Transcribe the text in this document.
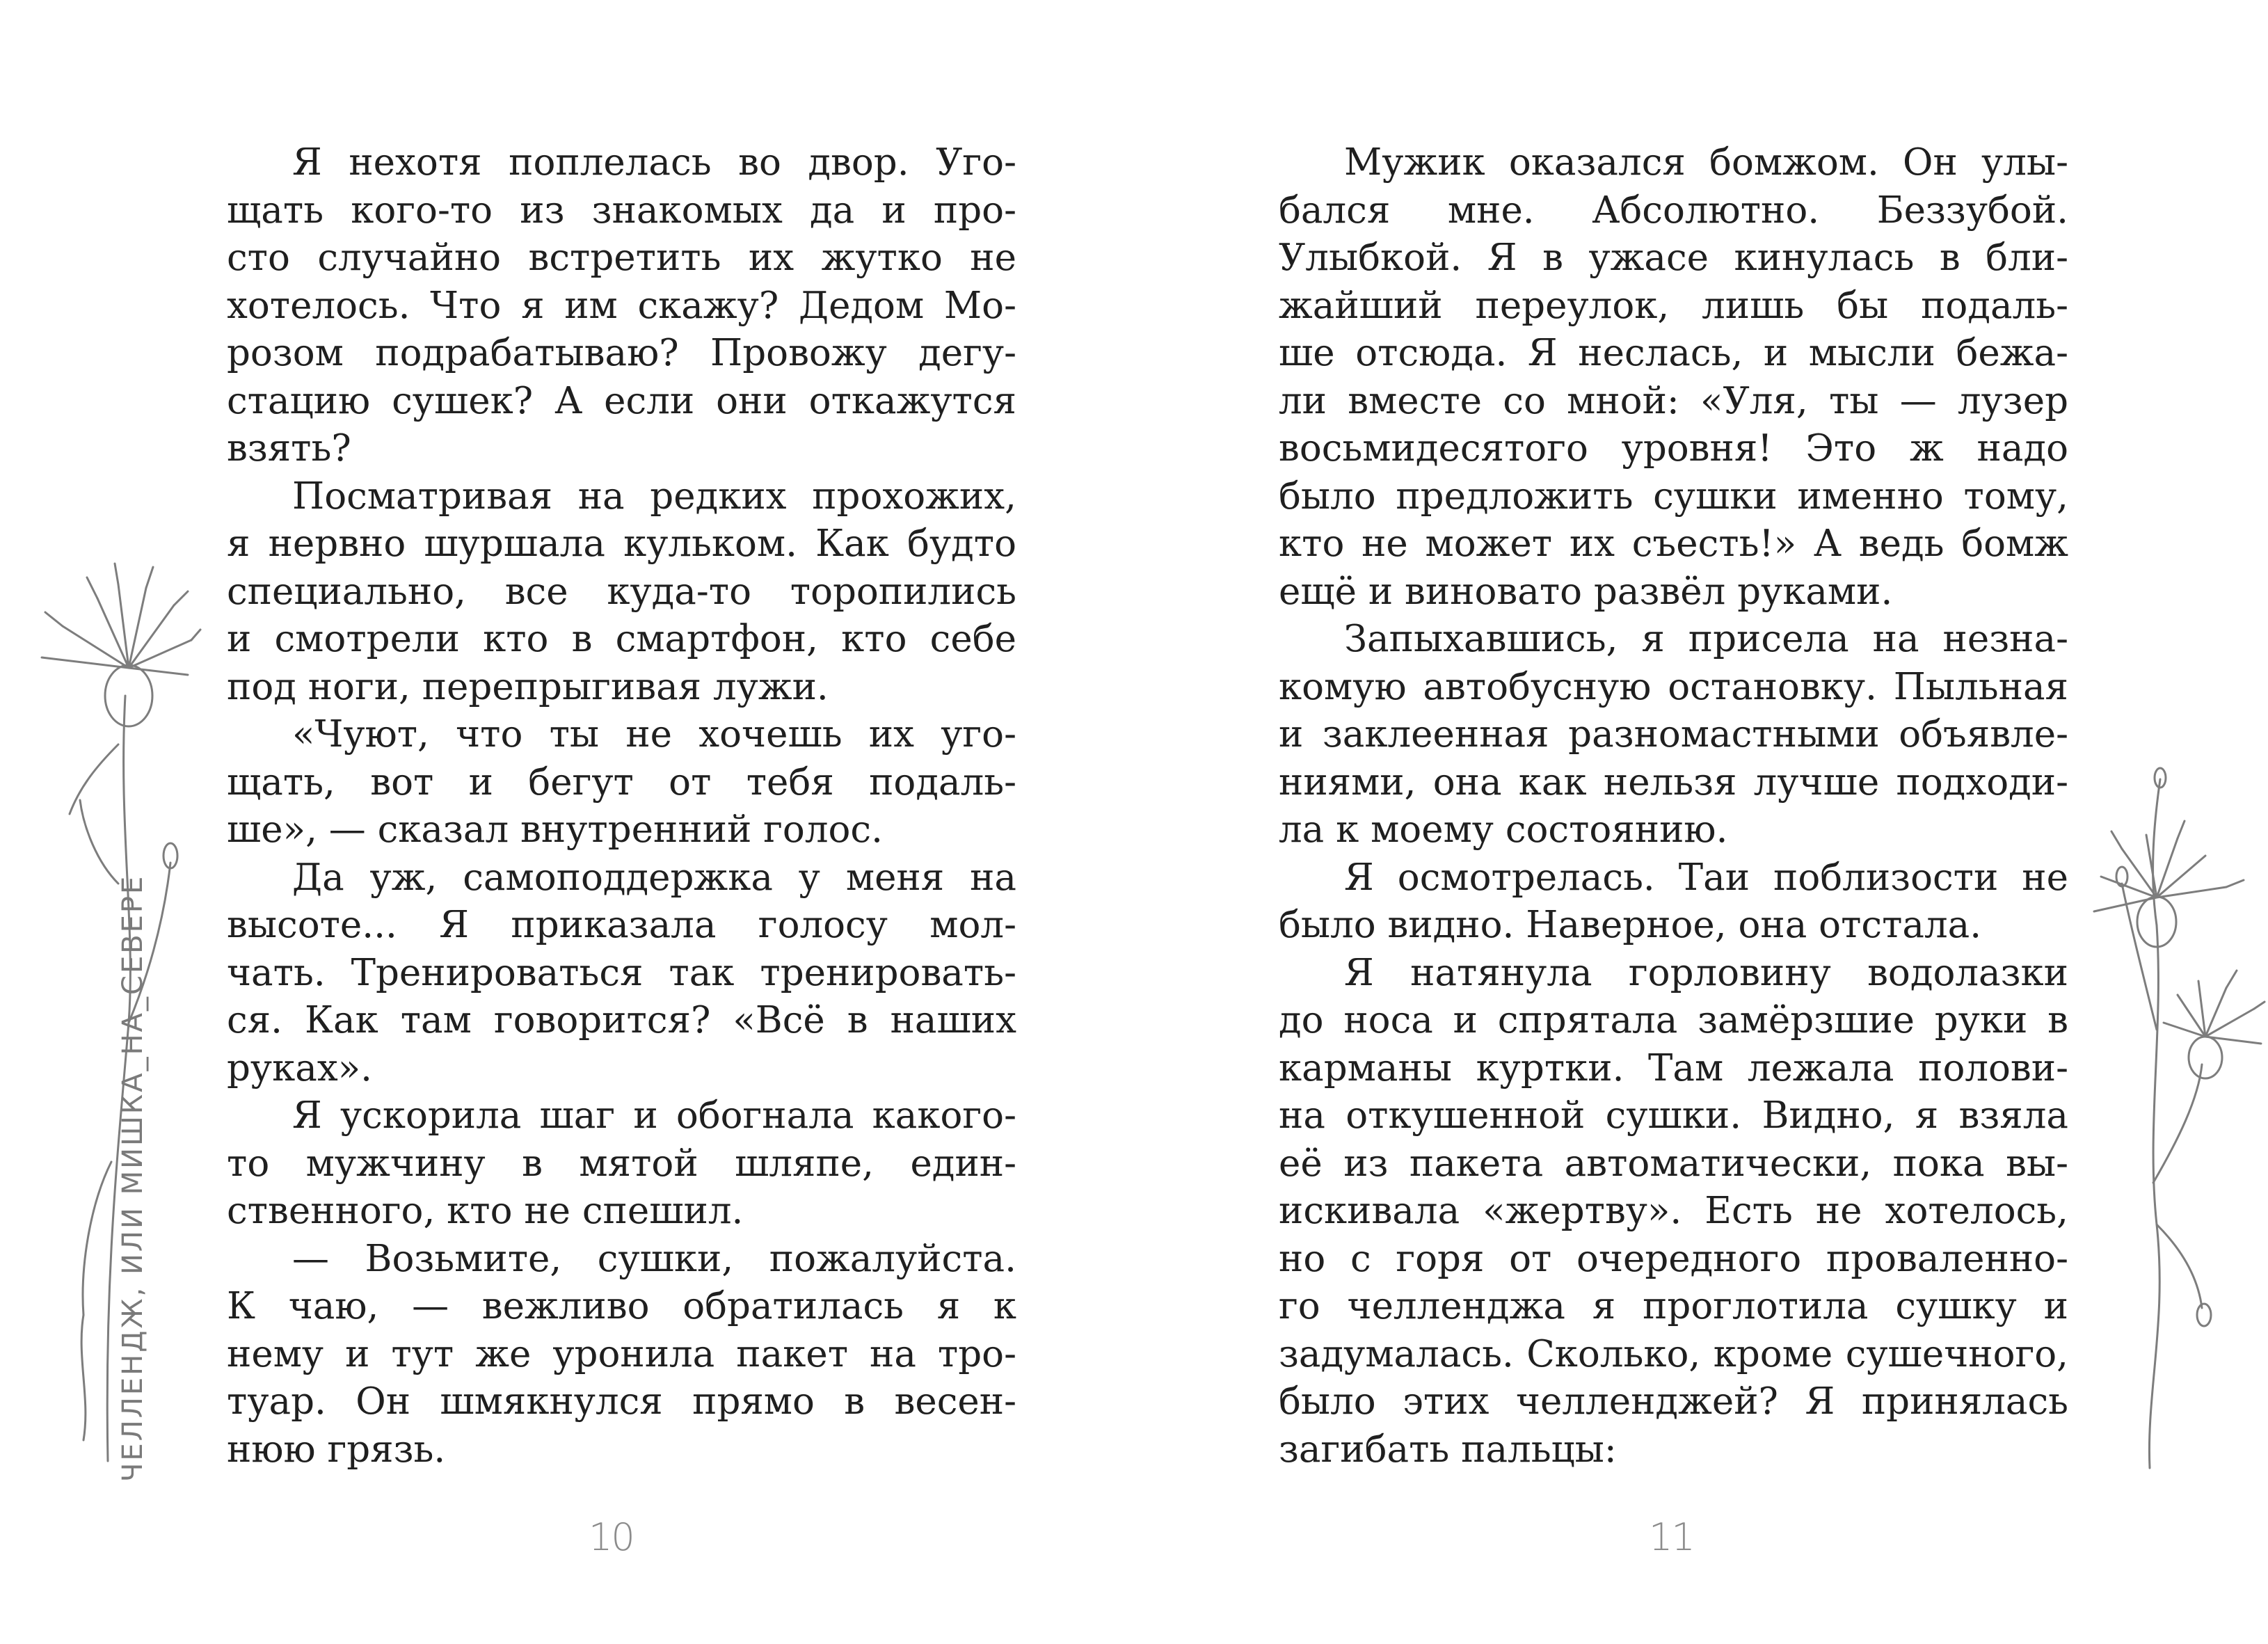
Я нехотя поплелась во двор. Уго-
щать кого-то из знакомых да и про-
сто случайно встретить их жутко не
хотелось. Что я им скажу? Дедом Мо-
розом подрабатываю? Провожу дегу-
стацию сушек? А если они откажутся
взять?
Посматривая на редких прохожих,
я нервно шуршала кульком. Как будто
специально, все куда-то торопились
и смотрели кто в смартфон, кто себе
под ноги, перепрыгивая лужи.
«Чуют, что ты не хочешь их уго-
щать, вот и бегут от тебя подаль-
ше», — сказал внутренний голос.
Да уж, самоподдержка у меня на
высоте... Я приказала голосу мол-
чать. Тренироваться так тренировать-
ся. Как там говорится? «Всё в наших
руках».
Я ускорила шаг и обогнала какого-
то мужчину в мятой шляпе, един-
ственного, кто не спешил.
— Возьмите, сушки, пожалуйста.
К чаю, — вежливо обратилась я к
нему и тут же уронила пакет на тро-
туар. Он шмякнулся прямо в весен-
нюю грязь.
Мужик оказался бомжом. Он улы-
бался мне. Абсолютно. Беззубой.
Улыбкой. Я в ужасе кинулась в бли-
жайший переулок, лишь бы подаль-
ше отсюда. Я неслась, и мысли бежа-
ли вместе со мной: «Уля, ты — лузер
восьмидесятого уровня! Это ж надо
было предложить сушки именно тому,
кто не может их съесть!» А ведь бомж
ещё и виновато развёл руками.
Запыхавшись, я присела на незна-
комую автобусную остановку. Пыльная
и заклеенная разномастными объявле-
ниями, она как нельзя лучше подходи-
ла к моему состоянию.
Я осмотрелась. Таи поблизости не
было видно. Наверное, она отстала.
Я натянула горловину водолазки
до носа и спрятала замёрзшие руки в
карманы куртки. Там лежала полови-
на откушенной сушки. Видно, я взяла
её из пакета автоматически, пока вы-
искивала «жертву». Есть не хотелось,
но с горя от очередного проваленно-
го челленджа я проглотила сушку и
задумалась. Сколько, кроме сушечного,
было этих челленджей? Я принялась
загибать пальцы:
ЧЕЛЛЕНДЖ, ИЛИ МИШКА_НА_СЕВЕРЕ
10	11
